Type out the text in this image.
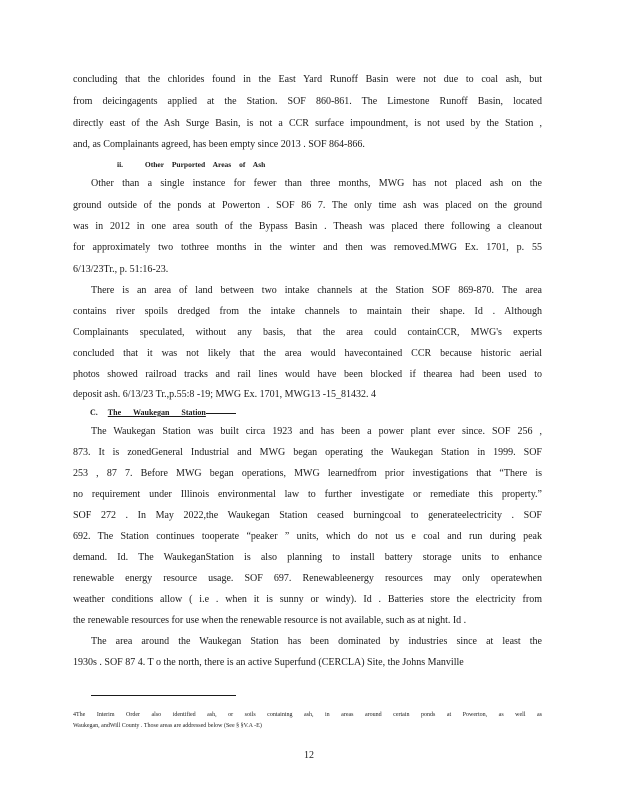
concluding that the chlorides found in the East Yard Runoff Basin were not due to coal ash, but
from deicingagents applied at the Station. SOF 860-861. The Limestone Runoff Basin, located
directly east of the Ash Surge Basin, is not a CCR surface impoundment, is not used by the Station ,
and, as Complainants agreed, has been empty since 2013 . SOF 864-866.
ii.	Other Purported Areas of Ash
Other than a single instance for fewer than three months, MWG has not placed ash on the
ground outside of the ponds at Powerton . SOF 86 7. The only time ash was placed on the ground
was in 2012 in one area south of the Bypass Basin . Theash was placed there following a cleanout
for approximately two tothree months in the winter and then was removed.MWG Ex. 1701, p. 55
6/13/23Tr., p. 51:16-23.
There is an area of land between two intake channels at the Station SOF 869-870. The area
contains river spoils dredged from the intake channels to maintain their shape. Id . Although
Complainants speculated, without any basis, that the area could containCCR, MWG's experts
concluded that it was not likely that the area would havecontained CCR because historic aerial
photos showed railroad tracks and rail lines would have been blocked if thearea had been used to
deposit ash. 6/13/23 Tr.,p.55:8 -19; MWG Ex. 1701, MWG13 -15_81432. 4
C. The Waukegan Station
The Waukegan Station was built circa 1923 and has been a power plant ever since. SOF 256 ,
873. It is zonedGeneral Industrial and MWG began operating the Waukegan Station in 1999. SOF
253 , 87 7. Before MWG began operations, MWG learnedfrom prior investigations that “There is
no requirement under Illinois environmental law to further investigate or remediate this property.”
SOF 272 . In May 2022,the Waukegan Station ceased burningcoal to generateelectricity . SOF
692. The Station continues tooperate “peaker ” units, which do not us e coal and run during peak
demand. Id. The WaukeganStation is also planning to install battery storage units to enhance
renewable energy resource usage. SOF 697. Renewableenergy resources may only operatewhen
weather conditions allow ( i.e . when it is sunny or windy). Id . Batteries store the electricity from
the renewable resources for use when the renewable resource is not available, such as at night. Id .
The area around the Waukegan Station has been dominated by industries since at least the
1930s . SOF 87 4. T o the north, there is an active Superfund (CERCLA) Site, the Johns Manville
4The Interim Order also identified ash, or soils containing ash, in areas around certain ponds at Powerton, as well as
Waukegan, andWill County . Those areas are addressed below (See § §V.A -E)
12
